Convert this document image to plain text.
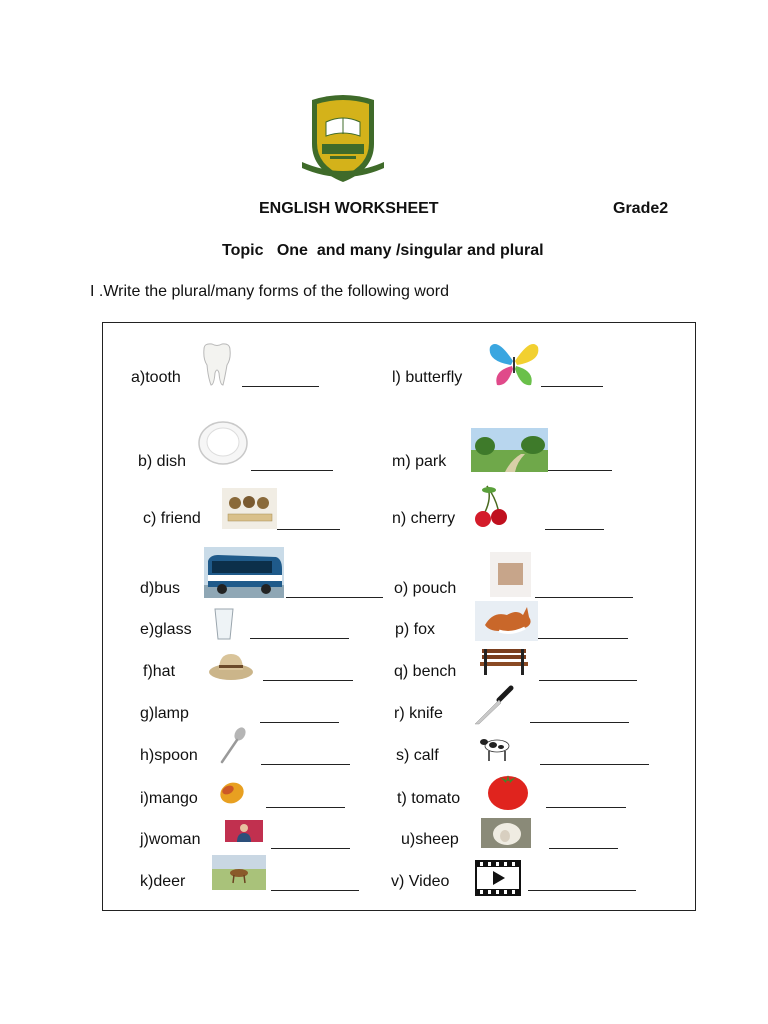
ENGLISH WORKSHEET	Grade2
Topic   One  and many /singular and plural
I .Write the plural/many forms of the following word
a)tooth
b) dish
c) friend
d)bus
e)glass
f)hat
g)lamp
h)spoon
i)mango
j)woman
k)deer
l) butterfly
m) park
n) cherry
o) pouch
p) fox
q) bench
r) knife
s) calf
t) tomato
u)sheep
v) Video
